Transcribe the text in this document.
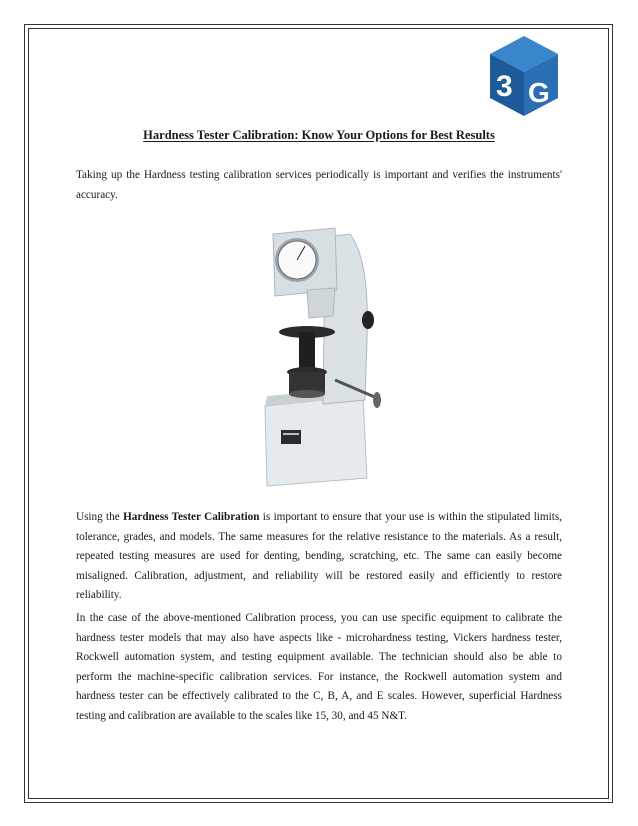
3 G
Hardness Tester Calibration: Know Your Options for Best Results

Taking up the Hardness testing calibration services periodically is important and verifies the instruments' accuracy.

Using the Hardness Tester Calibration is important to ensure that your use is within the stipulated limits, tolerance, grades, and models. The same measures for the relative resistance to the materials. As a result, repeated testing measures are used for denting, bending, scratching, etc. The same can easily become misaligned. Calibration, adjustment, and reliability will be restored easily and efficiently to restore reliability.

In the case of the above-mentioned Calibration process, you can use specific equipment to calibrate the hardness tester models that may also have aspects like - microhardness testing, Vickers hardness tester, Rockwell automation system, and testing equipment available. The technician should also be able to perform the machine-specific calibration services. For instance, the Rockwell automation system and hardness tester can be effectively calibrated to the C, B, A, and E scales. However, superficial Hardness testing and calibration are available to the scales like 15, 30, and 45 N&T.
